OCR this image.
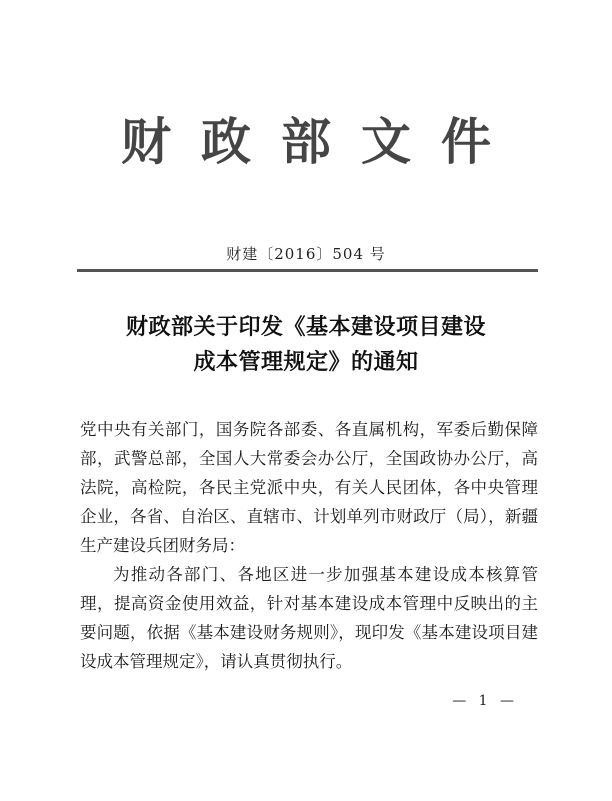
财政部文件
财建〔2016〕504 号
财政部关于印发《基本建设项目建设
成本管理规定》的通知

党中央有关部门，国务院各部委、各直属机构，军委后勤保障部，武警总部，全国人大常委会办公厅，全国政协办公厅，高法院，高检院，各民主党派中央，有关人民团体，各中央管理企业，各省、自治区、直辖市、计划单列市财政厅（局），新疆生产建设兵团财务局：

为推动各部门、各地区进一步加强基本建设成本核算管理，提高资金使用效益，针对基本建设成本管理中反映出的主要问题，依据《基本建设财务规则》，现印发《基本建设项目建设成本管理规定》，请认真贯彻执行。

— 1 —
